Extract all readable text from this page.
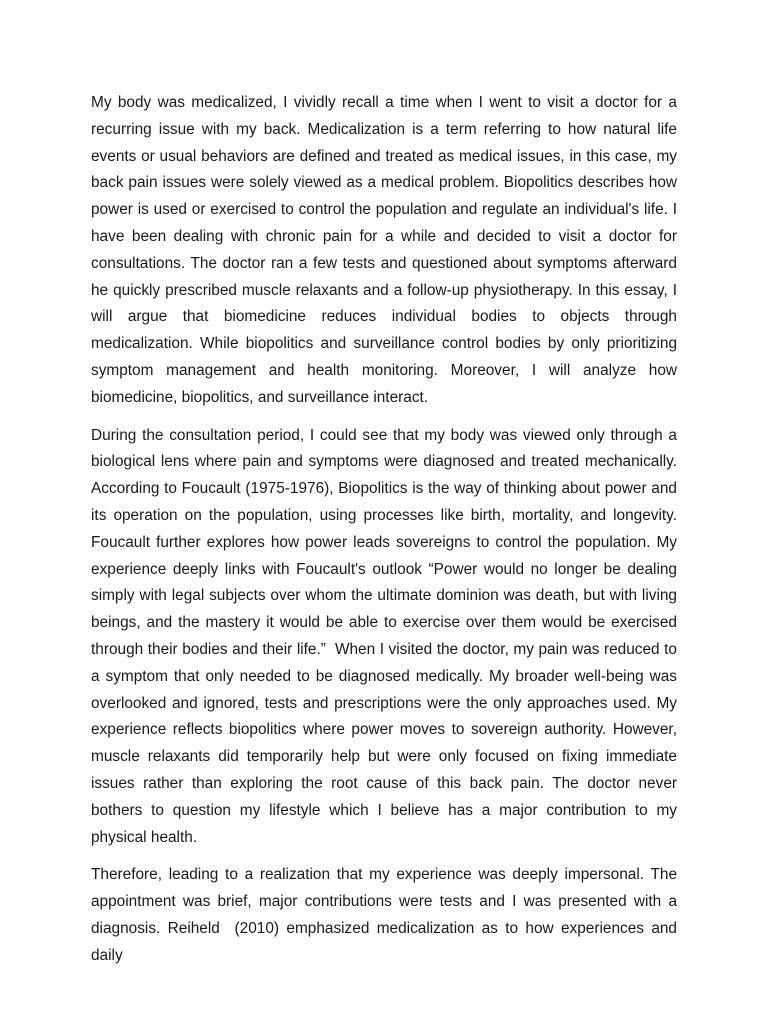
My body was medicalized, I vividly recall a time when I went to visit a doctor for a recurring issue with my back. Medicalization is a term referring to how natural life events or usual behaviors are defined and treated as medical issues, in this case, my back pain issues were solely viewed as a medical problem. Biopolitics describes how power is used or exercised to control the population and regulate an individual's life. I have been dealing with chronic pain for a while and decided to visit a doctor for consultations. The doctor ran a few tests and questioned about symptoms afterward he quickly prescribed muscle relaxants and a follow-up physiotherapy. In this essay, I will argue that biomedicine reduces individual bodies to objects through medicalization. While biopolitics and surveillance control bodies by only prioritizing symptom management and health monitoring. Moreover, I will analyze how biomedicine, biopolitics, and surveillance interact.

During the consultation period, I could see that my body was viewed only through a biological lens where pain and symptoms were diagnosed and treated mechanically. According to Foucault (1975-1976), Biopolitics is the way of thinking about power and its operation on the population, using processes like birth, mortality, and longevity. Foucault further explores how power leads sovereigns to control the population. My experience deeply links with Foucault's outlook “Power would no longer be dealing simply with legal subjects over whom the ultimate dominion was death, but with living beings, and the mastery it would be able to exercise over them would be exercised through their bodies and their life.”  When I visited the doctor, my pain was reduced to a symptom that only needed to be diagnosed medically. My broader well-being was overlooked and ignored, tests and prescriptions were the only approaches used. My experience reflects biopolitics where power moves to sovereign authority. However, muscle relaxants did temporarily help but were only focused on fixing immediate issues rather than exploring the root cause of this back pain. The doctor never bothers to question my lifestyle which I believe has a major contribution to my physical health.

Therefore, leading to a realization that my experience was deeply impersonal. The appointment was brief, major contributions were tests and I was presented with a diagnosis. Reiheld  (2010) emphasized medicalization as to how experiences and daily
